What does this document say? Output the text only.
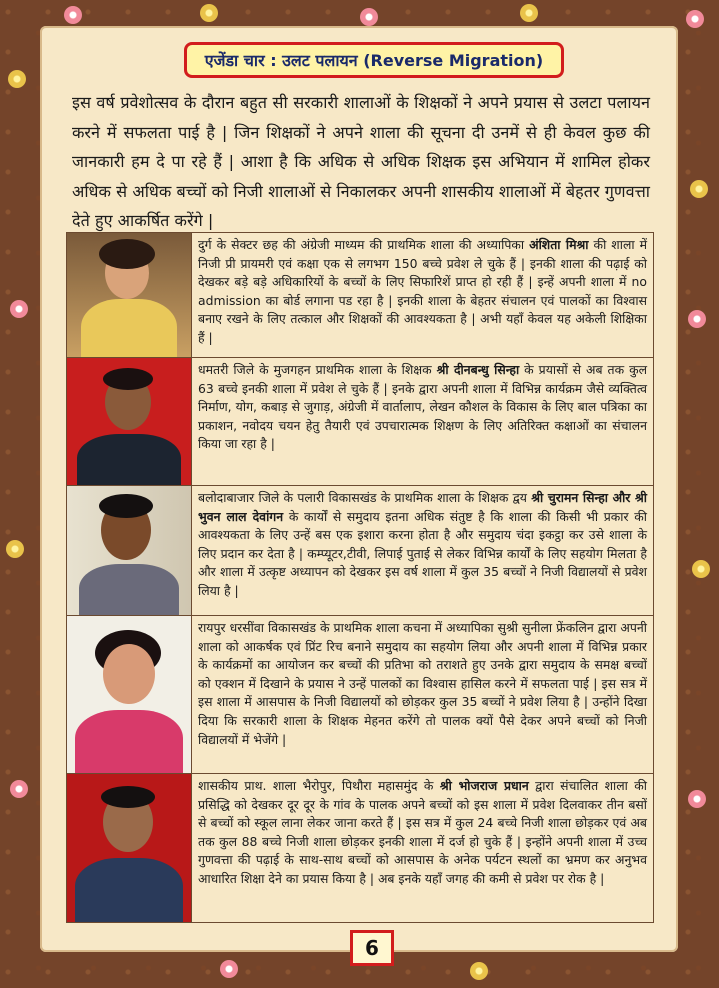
एजेंडा चार : उलट पलायन (Reverse Migration)
इस वर्ष प्रवेशोत्सव के दौरान बहुत सी सरकारी शालाओं के शिक्षकों ने अपने प्रयास से उलटा पलायन करने में सफलता पाई है | जिन शिक्षकों ने अपने शाला की सूचना दी उनमें से ही केवल कुछ की जानकारी हम दे पा रहे हैं | आशा है कि अधिक से अधिक शिक्षक इस अभियान में शामिल होकर अधिक से अधिक बच्चों को निजी शालाओं से निकालकर अपनी शासकीय शालाओं में बेहतर गुणवत्ता देते हुए आकर्षित करेंगे |
दुर्ग के सेक्टर छह की अंग्रेजी माध्यम की प्राथमिक शाला की अध्यापिका अंशिता मिश्रा की शाला में निजी प्री प्रायमरी एवं कक्षा एक से लगभग 150 बच्चे प्रवेश ले चुके हैं | इनकी शाला की पढ़ाई को देखकर बड़े बड़े अधिकारियों के बच्चों के लिए सिफारिशें प्राप्त हो रही हैं | इन्हें अपनी शाला में no admission का बोर्ड लगाना पड रहा है | इनकी शाला के बेहतर संचालन एवं पालकों का विश्वास बनाए रखने के लिए तत्काल और शिक्षकों की आवश्यकता है | अभी यहाँ केवल यह अकेली शिक्षिका हैं |
धमतरी जिले के मुजगहन प्राथमिक शाला के शिक्षक श्री दीनबन्धु सिन्हा के प्रयासों से अब तक कुल 63 बच्चे इनकी शाला में प्रवेश ले चुके हैं | इनके द्वारा अपनी शाला में विभिन्न कार्यक्रम जैसे व्यक्तित्व निर्माण, योग, कबाड़ से जुगाड़, अंग्रेजी में वार्तालाप, लेखन कौशल के विकास के लिए बाल पत्रिका का प्रकाशन, नवोदय चयन हेतु तैयारी एवं उपचारात्मक शिक्षण के लिए अतिरिक्त कक्षाओं का संचालन किया जा रहा है |
बलोदाबाजार जिले के पलारी विकासखंड के प्राथमिक शाला के शिक्षक द्वय श्री चुरामन सिन्हा और श्री भुवन लाल देवांगन के कार्यों से समुदाय इतना अधिक संतुष्ट है कि शाला की किसी भी प्रकार की आवश्यकता के लिए उन्हें बस एक इशारा करना होता है और समुदाय चंदा इकट्ठा कर उसे शाला के लिए प्रदान कर देता है | कम्प्यूटर,टीवी, लिपाई पुताई से लेकर विभिन्न कार्यों के लिए सहयोग मिलता है और शाला में उत्कृष्ट अध्यापन को देखकर इस वर्ष शाला में कुल 35 बच्चों ने निजी विद्यालयों से प्रवेश लिया है |
रायपुर धरसींवा विकासखंड के प्राथमिक शाला कचना में अध्यापिका सुश्री सुनीला फ्रेंकलिन द्वारा अपनी शाला को आकर्षक एवं प्रिंट रिच बनाने समुदाय का सहयोग लिया और अपनी शाला में विभिन्न प्रकार के कार्यक्रमों का आयोजन कर बच्चों की प्रतिभा को तराशते हुए उनके द्वारा समुदाय के समक्ष बच्चों को एक्शन में दिखाने के प्रयास ने उन्हें पालकों का विश्वास हासिल करने में सफलता पाई | इस सत्र में इस शाला में आसपास के निजी विद्यालयों को छोड़कर कुल 35 बच्चों ने प्रवेश लिया है | उन्होंने दिखा दिया कि सरकारी शाला के शिक्षक मेहनत करेंगे तो पालक क्यों पैसे देकर अपने बच्चों को निजी विद्यालयों में भेजेंगे |
शासकीय प्राथ. शाला भैरोपुर, पिथौरा महासमुंद के श्री भोजराज प्रधान द्वारा संचालित शाला की प्रसिद्धि को देखकर दूर दूर के गांव के पालक अपने बच्चों को इस शाला में प्रवेश दिलवाकर तीन बसों से बच्चों को स्कूल लाना लेकर जाना करते हैं | इस सत्र में कुल 24 बच्चे निजी शाला छोड़कर एवं अब तक कुल 88 बच्चे निजी शाला छोड़कर इनकी शाला में दर्ज हो चुके हैं | इन्होंने अपनी शाला में उच्च गुणवत्ता की पढ़ाई के साथ-साथ बच्चों को आसपास के अनेक पर्यटन स्थलों का भ्रमण कर अनुभव आधारित शिक्षा देने का प्रयास किया है | अब इनके यहाँ जगह की कमी से प्रवेश पर रोक है |
6
